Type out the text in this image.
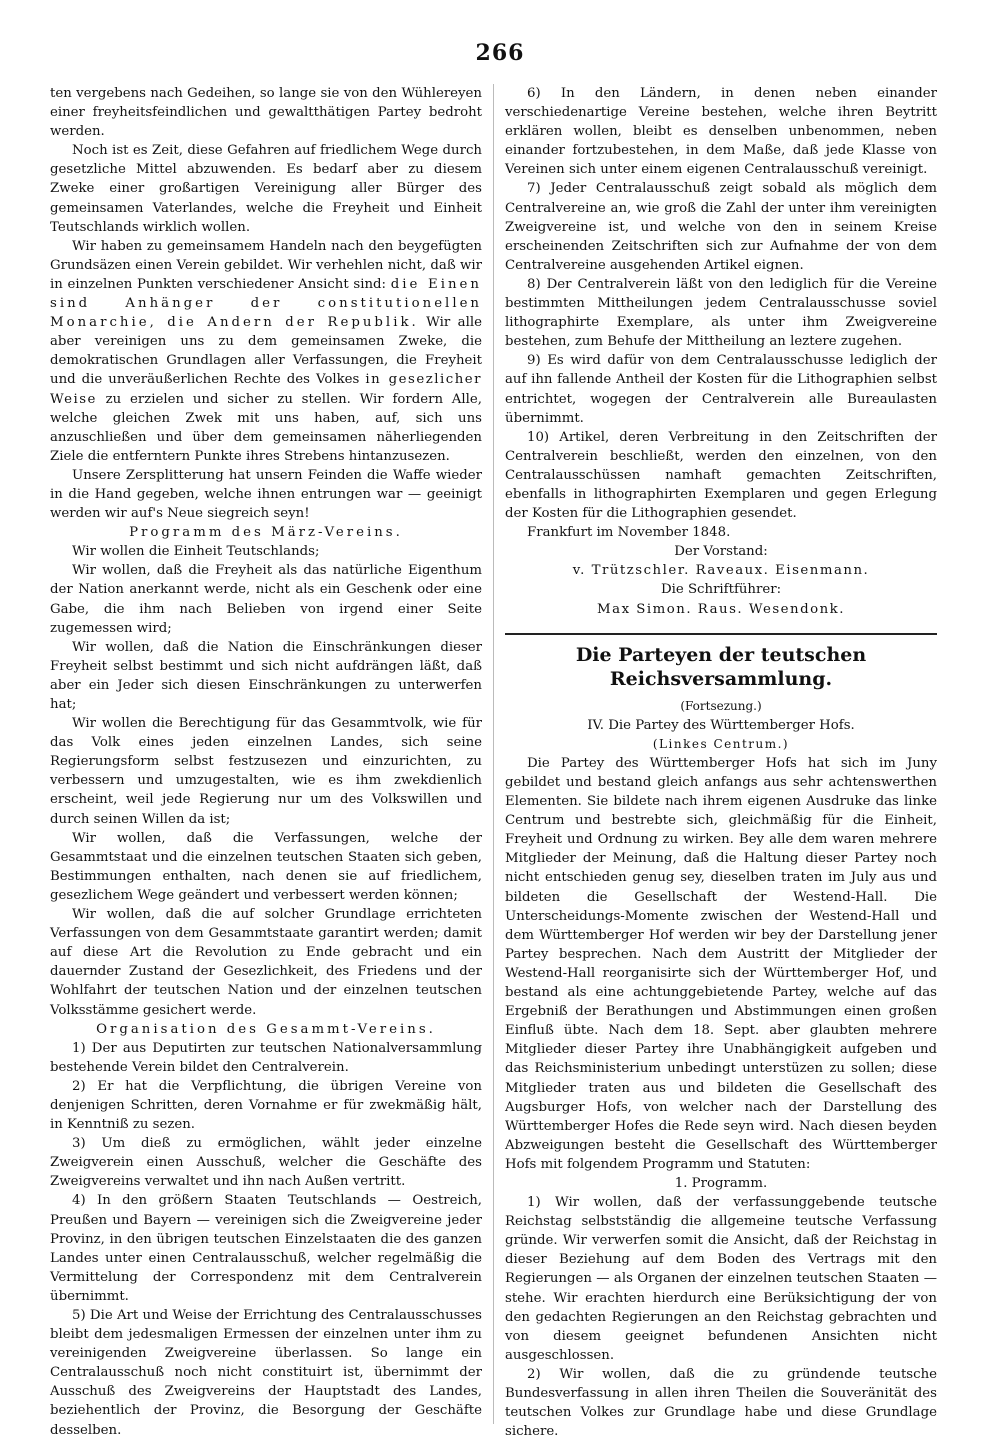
266

ten vergebens nach Gedeihen, so lange sie von den Wühlereyen einer freyheitsfeindlichen und gewaltthätigen Partey bedroht werden.

Noch ist es Zeit, diese Gefahren auf friedlichem Wege durch gesetzliche Mittel abzuwenden. Es bedarf aber zu diesem Zweke einer großartigen Vereinigung aller Bürger des gemeinsamen Vaterlandes, welche die Freyheit und Einheit Teutschlands wirklich wollen.

Wir haben zu gemeinsamem Handeln nach den beygefügten Grundsäzen einen Verein gebildet. Wir verhehlen nicht, daß wir in einzelnen Punkten verschiedener Ansicht sind: die Einen sind Anhänger der constitutionellen Monarchie, die Andern der Republik. Wir alle aber vereinigen uns zu dem gemeinsamen Zweke, die demokratischen Grundlagen aller Verfassungen, die Freyheit und die unveräußerlichen Rechte des Volkes in gesezlicher Weise zu erzielen und sicher zu stellen. Wir fordern Alle, welche gleichen Zwek mit uns haben, auf, sich uns anzuschließen und über dem gemeinsamen näherliegenden Ziele die entferntern Punkte ihres Strebens hintanzusezen.

Unsere Zersplitterung hat unsern Feinden die Waffe wieder in die Hand gegeben, welche ihnen entrungen war — geeinigt werden wir auf's Neue siegreich seyn!

Programm des März-Vereins.

Wir wollen die Einheit Teutschlands;

Wir wollen, daß die Freyheit als das natürliche Eigenthum der Nation anerkannt werde, nicht als ein Geschenk oder eine Gabe, die ihm nach Belieben von irgend einer Seite zugemessen wird;

Wir wollen, daß die Nation die Einschränkungen dieser Freyheit selbst bestimmt und sich nicht aufdrängen läßt, daß aber ein Jeder sich diesen Einschränkungen zu unterwerfen hat;

Wir wollen die Berechtigung für das Gesammtvolk, wie für das Volk eines jeden einzelnen Landes, sich seine Regierungsform selbst festzusezen und einzurichten, zu verbessern und umzugestalten, wie es ihm zwekdienlich erscheint, weil jede Regierung nur um des Volkswillen und durch seinen Willen da ist;

Wir wollen, daß die Verfassungen, welche der Gesammtstaat und die einzelnen teutschen Staaten sich geben, Bestimmungen enthalten, nach denen sie auf friedlichem, gesezlichem Wege geändert und verbessert werden können;

Wir wollen, daß die auf solcher Grundlage errichteten Verfassungen von dem Gesammtstaate garantirt werden; damit auf diese Art die Revolution zu Ende gebracht und ein dauernder Zustand der Gesezlichkeit, des Friedens und der Wohlfahrt der teutschen Nation und der einzelnen teutschen Volksstämme gesichert werde.

Organisation des Gesammt-Vereins.

1) Der aus Deputirten zur teutschen Nationalversammlung bestehende Verein bildet den Centralverein.

2) Er hat die Verpflichtung, die übrigen Vereine von denjenigen Schritten, deren Vornahme er für zwekmäßig hält, in Kenntniß zu sezen.

3) Um dieß zu ermöglichen, wählt jeder einzelne Zweigverein einen Ausschuß, welcher die Geschäfte des Zweigvereins verwaltet und ihn nach Außen vertritt.

4) In den größern Staaten Teutschlands — Oestreich, Preußen und Bayern — vereinigen sich die Zweigvereine jeder Provinz, in den übrigen teutschen Einzelstaaten die des ganzen Landes unter einen Centralausschuß, welcher regelmäßig die Vermittelung der Correspondenz mit dem Centralverein übernimmt.

5) Die Art und Weise der Errichtung des Centralausschusses bleibt dem jedesmaligen Ermessen der einzelnen unter ihm zu vereinigenden Zweigvereine überlassen. So lange ein Centralausschuß noch nicht constituirt ist, übernimmt der Ausschuß des Zweigvereins der Hauptstadt des Landes, beziehentlich der Provinz, die Besorgung der Geschäfte desselben.

6) In den Ländern, in denen neben einander verschiedenartige Vereine bestehen, welche ihren Beytritt erklären wollen, bleibt es denselben unbenommen, neben einander fortzubestehen, in dem Maße, daß jede Klasse von Vereinen sich unter einem eigenen Centralausschuß vereinigt.

7) Jeder Centralausschuß zeigt sobald als möglich dem Centralvereine an, wie groß die Zahl der unter ihm vereinigten Zweigvereine ist, und welche von den in seinem Kreise erscheinenden Zeitschriften sich zur Aufnahme der von dem Centralvereine ausgehenden Artikel eignen.

8) Der Centralverein läßt von den lediglich für die Vereine bestimmten Mittheilungen jedem Centralausschusse soviel lithographirte Exemplare, als unter ihm Zweigvereine bestehen, zum Behufe der Mittheilung an leztere zugehen.

9) Es wird dafür von dem Centralausschusse lediglich der auf ihn fallende Antheil der Kosten für die Lithographien selbst entrichtet, wogegen der Centralverein alle Bureaulasten übernimmt.

10) Artikel, deren Verbreitung in den Zeitschriften der Centralverein beschließt, werden den einzelnen, von den Centralausschüssen namhaft gemachten Zeitschriften, ebenfalls in lithographirten Exemplaren und gegen Erlegung der Kosten für die Lithographien gesendet.

Frankfurt im November 1848.

Der Vorstand:

v. Trützschler. Raveaux. Eisenmann.

Die Schriftführer:

Max Simon. Raus. Wesendonk.

Die Parteyen der teutschen Reichsversammlung.

(Fortsezung.)

IV. Die Partey des Württemberger Hofs.

(Linkes Centrum.)

Die Partey des Württemberger Hofs hat sich im Juny gebildet und bestand gleich anfangs aus sehr achtenswerthen Elementen. Sie bildete nach ihrem eigenen Ausdruke das linke Centrum und bestrebte sich, gleichmäßig für die Einheit, Freyheit und Ordnung zu wirken. Bey alle dem waren mehrere Mitglieder der Meinung, daß die Haltung dieser Partey noch nicht entschieden genug sey, dieselben traten im July aus und bildeten die Gesellschaft der Westend-Hall. Die Unterscheidungs-Momente zwischen der Westend-Hall und dem Württemberger Hof werden wir bey der Darstellung jener Partey besprechen. Nach dem Austritt der Mitglieder der Westend-Hall reorganisirte sich der Württemberger Hof, und bestand als eine achtunggebietende Partey, welche auf das Ergebniß der Berathungen und Abstimmungen einen großen Einfluß übte. Nach dem 18. Sept. aber glaubten mehrere Mitglieder dieser Partey ihre Unabhängigkeit aufgeben und das Reichsministerium unbedingt unterstüzen zu sollen; diese Mitglieder traten aus und bildeten die Gesellschaft des Augsburger Hofs, von welcher nach der Darstellung des Württemberger Hofes die Rede seyn wird. Nach diesen beyden Abzweigungen besteht die Gesellschaft des Württemberger Hofs mit folgendem Programm und Statuten:

1. Programm.

1) Wir wollen, daß der verfassunggebende teutsche Reichstag selbstständig die allgemeine teutsche Verfassung gründe. Wir verwerfen somit die Ansicht, daß der Reichstag in dieser Beziehung auf dem Boden des Vertrags mit den Regierungen — als Organen der einzelnen teutschen Staaten — stehe. Wir erachten hierdurch eine Berüksichtigung der von den gedachten Regierungen an den Reichstag gebrachten und von diesem geeignet befundenen Ansichten nicht ausgeschlossen.

2) Wir wollen, daß die zu gründende teutsche Bundesverfassung in allen ihren Theilen die Souveränität des teutschen Volkes zur Grundlage habe und diese Grundlage sichere.
